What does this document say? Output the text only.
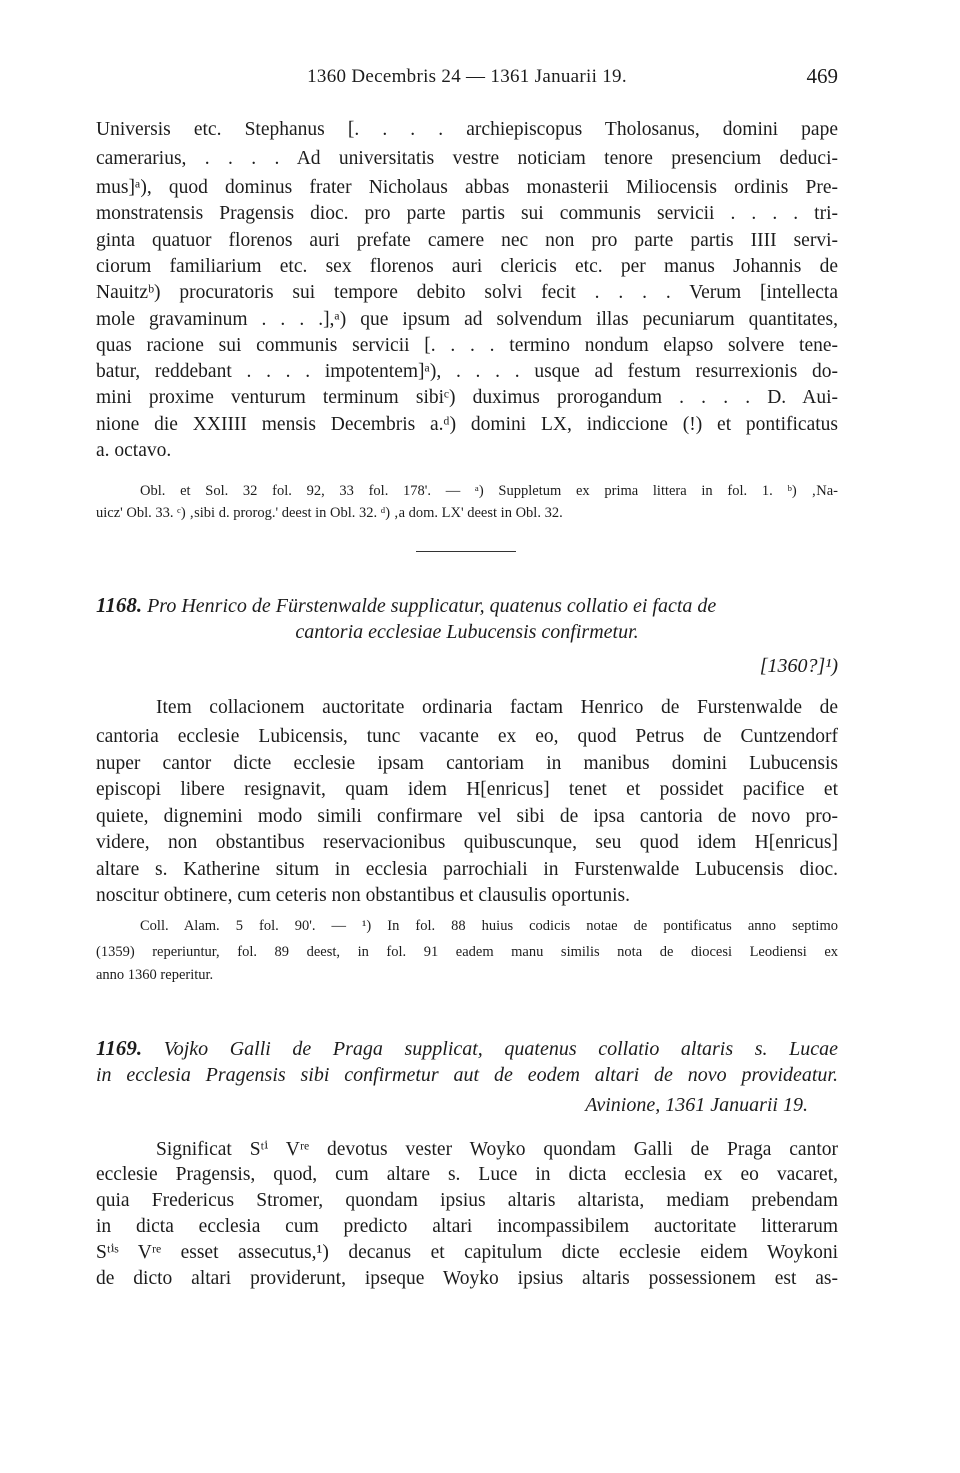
1360 Decembris 24 — 1361 Januarii 19.	469
Universis etc. Stephanus [. . . . archiepiscopus Tholosanus, domini pape
camerarius, . . . . Ad universitatis vestre noticiam tenore presencium deduci-
mus]ᵃ), quod dominus frater Nicholaus abbas monasterii Miliocensis ordinis Pre-
monstratensis Pragensis dioc. pro parte partis sui communis servicii . . . . tri-
ginta quatuor florenos auri prefate camere nec non pro parte partis IIII servi-
ciorum familiarium etc. sex florenos auri clericis etc. per manus Johannis de
Nauitzᵇ) procuratoris sui tempore debito solvi fecit . . . . Verum [intellecta
mole gravaminum . . . .],ᵃ) que ipsum ad solvendum illas pecuniarum quantitates,
quas racione sui communis servicii [. . . . termino nondum elapso solvere tene-
batur, reddebant . . . . impotentem]ᵃ), . . . . usque ad festum resurrexionis do-
mini proxime venturum terminum sibiᶜ) duximus prorogandum . . . . D. Aui-
nione die XXIIII mensis Decembris a.ᵈ) domini LX, indiccione (!) et pontificatus
a. octavo.
Obl. et Sol. 32 fol. 92, 33 fol. 178'. — ᵃ) Suppletum ex prima littera in fol. 1. ᵇ) ‚Na-
uicz' Obl. 33. ᶜ) ‚sibi d. prorog.' deest in Obl. 32. ᵈ) ‚a dom. LX' deest in Obl. 32.
1168. Pro Henrico de Fürstenwalde supplicatur, quatenus collatio ei facta de
cantoria ecclesiae Lubucensis confirmetur.
[1360?]¹)
Item collacionem auctoritate ordinaria factam Henrico de Furstenwalde de
cantoria ecclesie Lubicensis, tunc vacante ex eo, quod Petrus de Cuntzendorf
nuper cantor dicte ecclesie ipsam cantoriam in manibus domini Lubucensis
episcopi libere resignavit, quam idem H[enricus] tenet et possidet pacifice et
quiete, dignemini modo simili confirmare vel sibi de ipsa cantoria de novo pro-
videre, non obstantibus reservacionibus quibuscunque, seu quod idem H[enricus]
altare s. Katherine situm in ecclesia parrochiali in Furstenwalde Lubucensis dioc.
noscitur obtinere, cum ceteris non obstantibus et clausulis oportunis.
Coll. Alam. 5 fol. 90'. — ¹) In fol. 88 huius codicis notae de pontificatus anno septimo
(1359) reperiuntur, fol. 89 deest, in fol. 91 eadem manu similis nota de diocesi Leodiensi ex
anno 1360 reperitur.
1169. Vojko Galli de Praga supplicat, quatenus collatio altaris s. Lucae
in ecclesia Pragensis sibi confirmetur aut de eodem altari de novo provideatur.
Avinione, 1361 Januarii 19.
Significat Sᵗⁱ Vʳᵉ devotus vester Woyko quondam Galli de Praga cantor
ecclesie Pragensis, quod, cum altare s. Luce in dicta ecclesia ex eo vacaret,
quia Fredericus Stromer, quondam ipsius altaris altarista, mediam prebendam
in dicta ecclesia cum predicto altari incompassibilem auctoritate litterarum
Sᵗⁱˢ Vʳᵉ esset assecutus,¹) decanus et capitulum dicte ecclesie eidem Woykoni
de dicto altari providerunt, ipseque Woyko ipsius altaris possessionem est as-
